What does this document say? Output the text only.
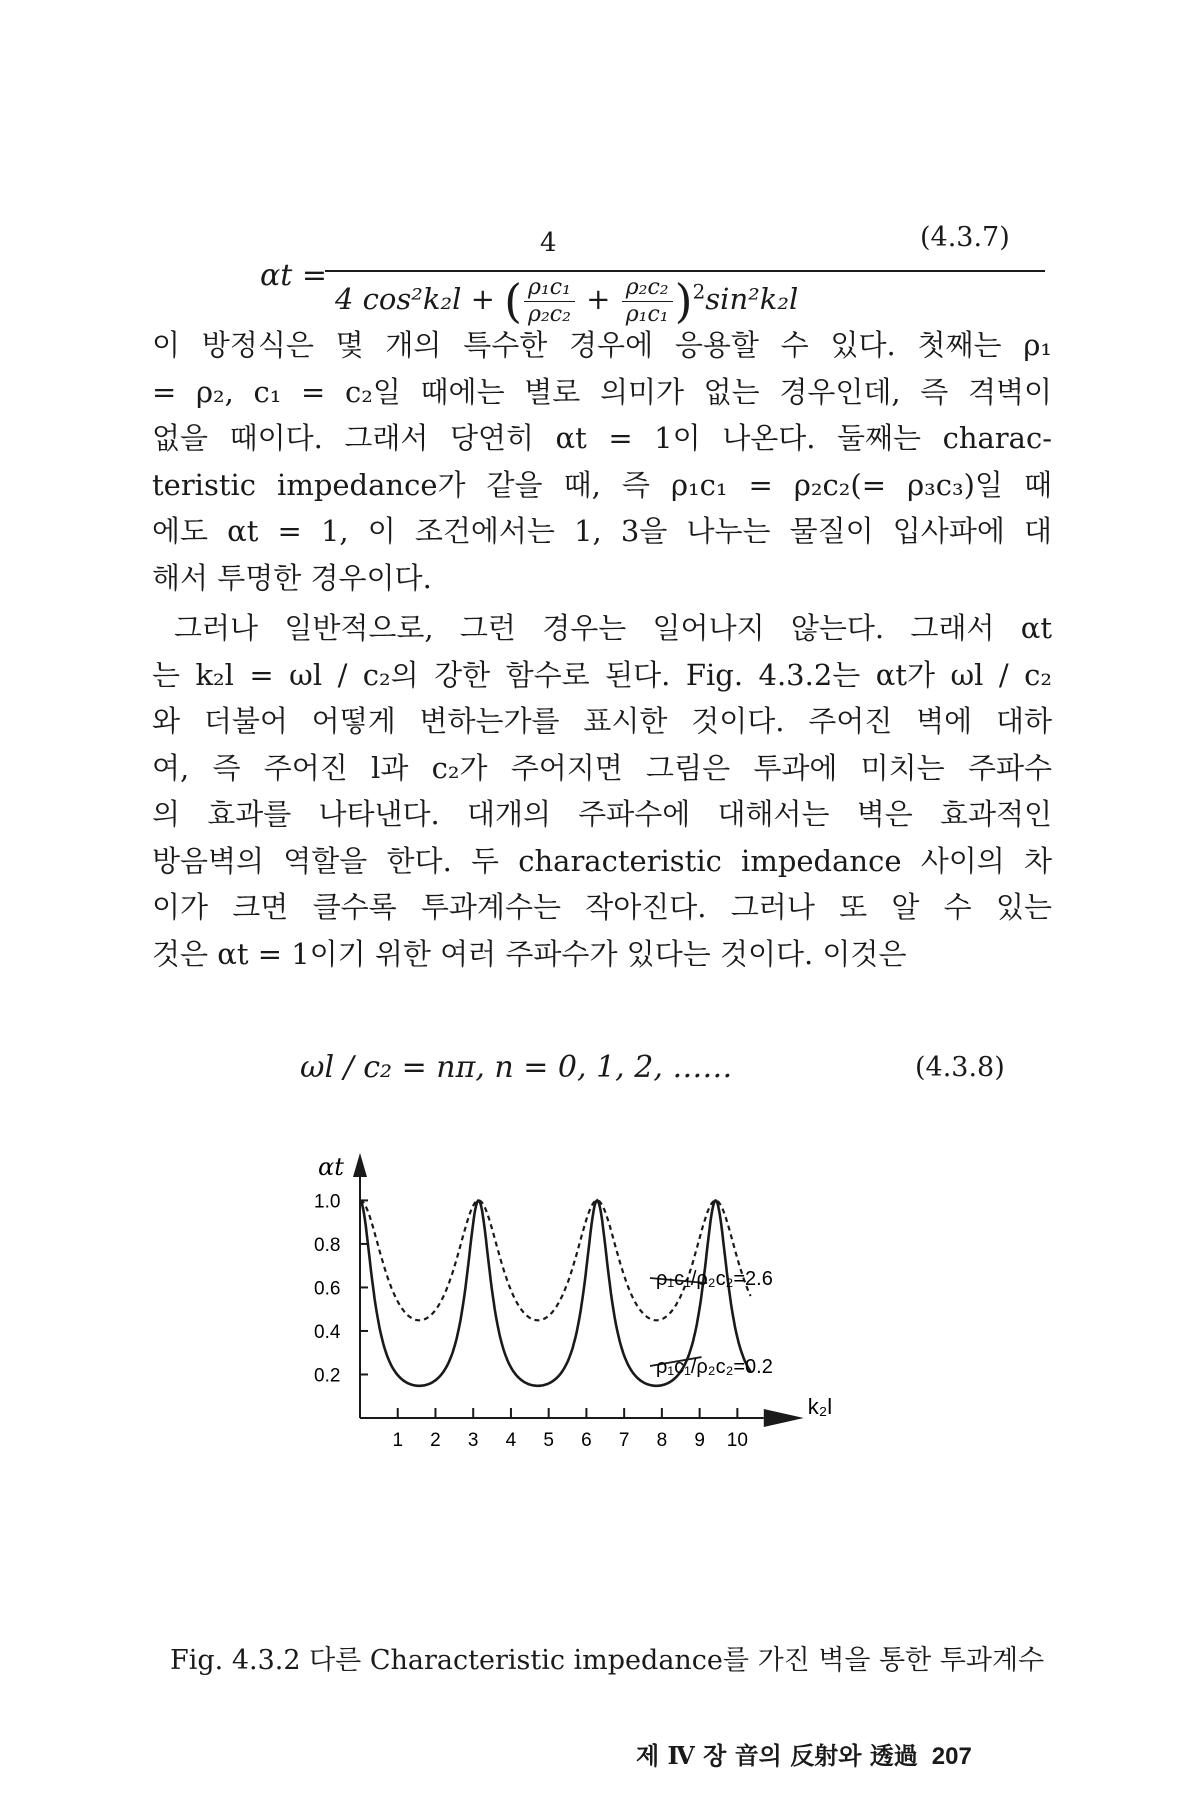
αt =
4
4 cos²k₂l + ( $\frac{\text{ρ₁c₁}}{\text{ρ₂c₂}} + \frac{\text{ρ₂c₂}}{\text{ρ₁c₁}} )^2\sin^2k_2l$
(4.3.7)
이 방정식은 몇 개의 특수한 경우에 응용할 수 있다. 첫째는 ρ₁
= ρ₂, c₁ = c₂일 때에는 별로 의미가 없는 경우인데, 즉 격벽이
없을 때이다. 그래서 당연히 αt = 1이 나온다. 둘째는 charac-
teristic impedance가 같을 때, 즉 ρ₁c₁ = ρ₂c₂(= ρ₃c₃)일 때
에도 αt = 1, 이 조건에서는 1, 3을 나누는 물질이 입사파에 대
해서 투명한 경우이다.
그러나 일반적으로, 그런 경우는 일어나지 않는다. 그래서 αt
는 k₂l = ωl / c₂의 강한 함수로 된다. Fig. 4.3.2는 αt가 ωl / c₂
와 더불어 어떻게 변하는가를 표시한 것이다. 주어진 벽에 대하
여, 즉 주어진 l과 c₂가 주어지면 그림은 투과에 미치는 주파수
의 효과를 나타낸다. 대개의 주파수에 대해서는 벽은 효과적인
방음벽의 역할을 한다. 두 characteristic impedance 사이의 차
이가 크면 클수록 투과계수는 작아진다. 그러나 또 알 수 있는
것은 αt = 1이기 위한 여러 주파수가 있다는 것이다. 이것은
ωl / c₂ = nπ, n = 0, 1, 2, ……	(4.3.8)
αt
k₂l
1.0
0.8
0.6
0.4
0.2
1 2 3 4 5 6 7 8 9 10
ρ₁c₁/ρ₂c₂=2.6
ρ₁c₁/ρ₂c₂=0.2
Fig. 4.3.2 다른 Characteristic impedance를 가진 벽을 통한 투과계수
제 Ⅳ 장 音의 反射와 透過 207
